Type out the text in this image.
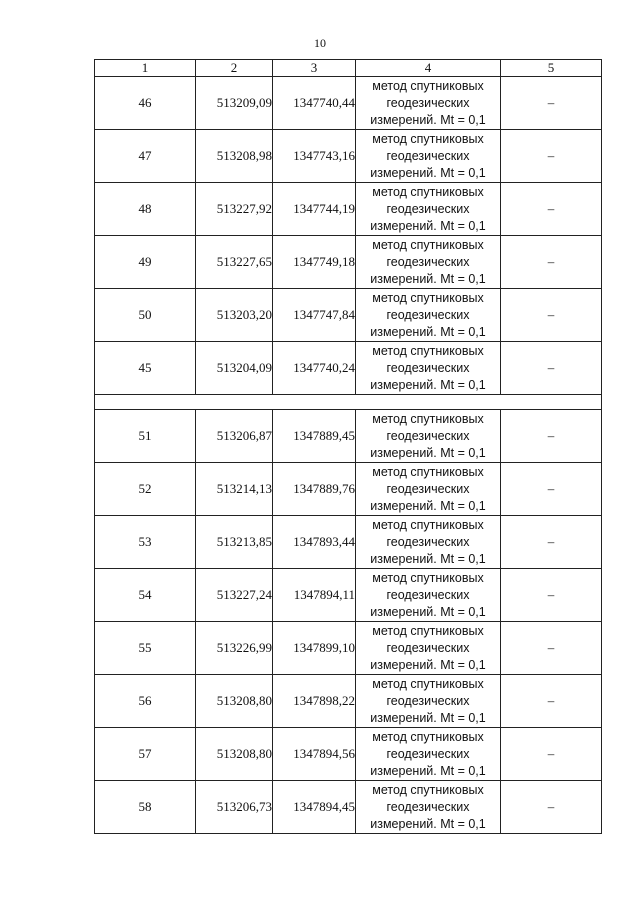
10
1	2	3	4	5
46	513209,09	1347740,44	метод спутниковых
геодезических
измерений. Mt = 0,1	–
47	513208,98	1347743,16	метод спутниковых
геодезических
измерений. Mt = 0,1	–
48	513227,92	1347744,19	метод спутниковых
геодезических
измерений. Mt = 0,1	–
49	513227,65	1347749,18	метод спутниковых
геодезических
измерений. Mt = 0,1	–
50	513203,20	1347747,84	метод спутниковых
геодезических
измерений. Mt = 0,1	–
45	513204,09	1347740,24	метод спутниковых
геодезических
измерений. Mt = 0,1	–

51	513206,87	1347889,45	метод спутниковых
геодезических
измерений. Mt = 0,1	–
52	513214,13	1347889,76	метод спутниковых
геодезических
измерений. Mt = 0,1	–
53	513213,85	1347893,44	метод спутниковых
геодезических
измерений. Mt = 0,1	–
54	513227,24	1347894,11	метод спутниковых
геодезических
измерений. Mt = 0,1	–
55	513226,99	1347899,10	метод спутниковых
геодезических
измерений. Mt = 0,1	–
56	513208,80	1347898,22	метод спутниковых
геодезических
измерений. Mt = 0,1	–
57	513208,80	1347894,56	метод спутниковых
геодезических
измерений. Mt = 0,1	–
58	513206,73	1347894,45	метод спутниковых
геодезических
измерений. Mt = 0,1	–
